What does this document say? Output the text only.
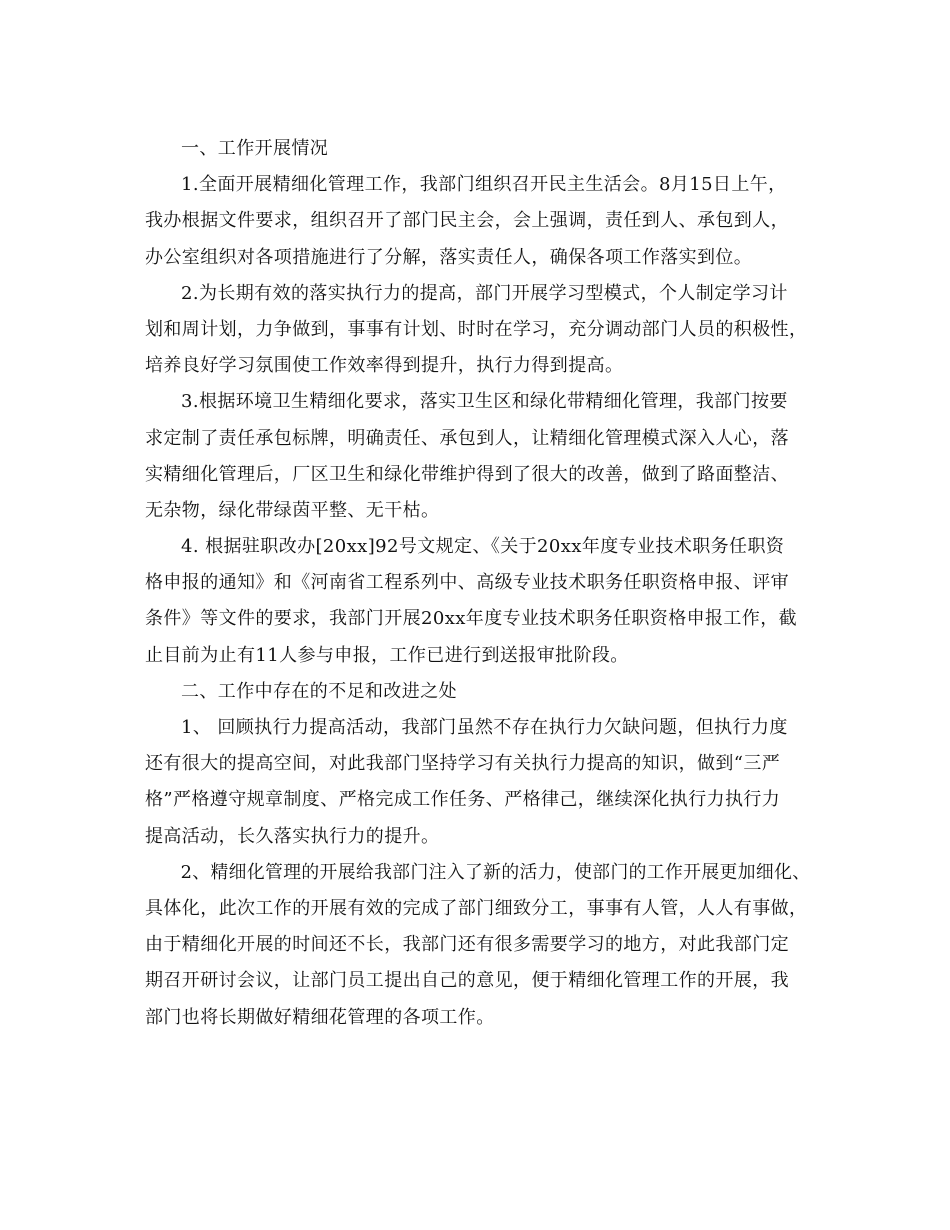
一、工作开展情况
1.全面开展精细化管理工作，我部门组织召开民主生活会。8月15日上午，
我办根据文件要求，组织召开了部门民主会，会上强调，责任到人、承包到人，
办公室组织对各项措施进行了分解，落实责任人，确保各项工作落实到位。
2.为长期有效的落实执行力的提高，部门开展学习型模式，个人制定学习计
划和周计划，力争做到，事事有计划、时时在学习，充分调动部门人员的积极性，
培养良好学习氛围使工作效率得到提升，执行力得到提高。
3.根据环境卫生精细化要求，落实卫生区和绿化带精细化管理，我部门按要
求定制了责任承包标牌，明确责任、承包到人，让精细化管理模式深入人心，落
实精细化管理后，厂区卫生和绿化带维护得到了很大的改善，做到了路面整洁、
无杂物，绿化带绿茵平整、无干枯。
4. 根据驻职改办[20xx]92号文规定、《关于20xx年度专业技术职务任职资
格申报的通知》和《河南省工程系列中、高级专业技术职务任职资格申报、评审
条件》等文件的要求，我部门开展20xx年度专业技术职务任职资格申报工作，截
止目前为止有11人参与申报，工作已进行到送报审批阶段。
二、工作中存在的不足和改进之处
1、 回顾执行力提高活动，我部门虽然不存在执行力欠缺问题，但执行力度
还有很大的提高空间，对此我部门坚持学习有关执行力提高的知识，做到“三严
格”严格遵守规章制度、严格完成工作任务、严格律己，继续深化执行力执行力
提高活动，长久落实执行力的提升。
2、精细化管理的开展给我部门注入了新的活力，使部门的工作开展更加细化、
具体化，此次工作的开展有效的完成了部门细致分工，事事有人管，人人有事做，
由于精细化开展的时间还不长，我部门还有很多需要学习的地方，对此我部门定
期召开研讨会议，让部门员工提出自己的意见，便于精细化管理工作的开展，我
部门也将长期做好精细花管理的各项工作。
